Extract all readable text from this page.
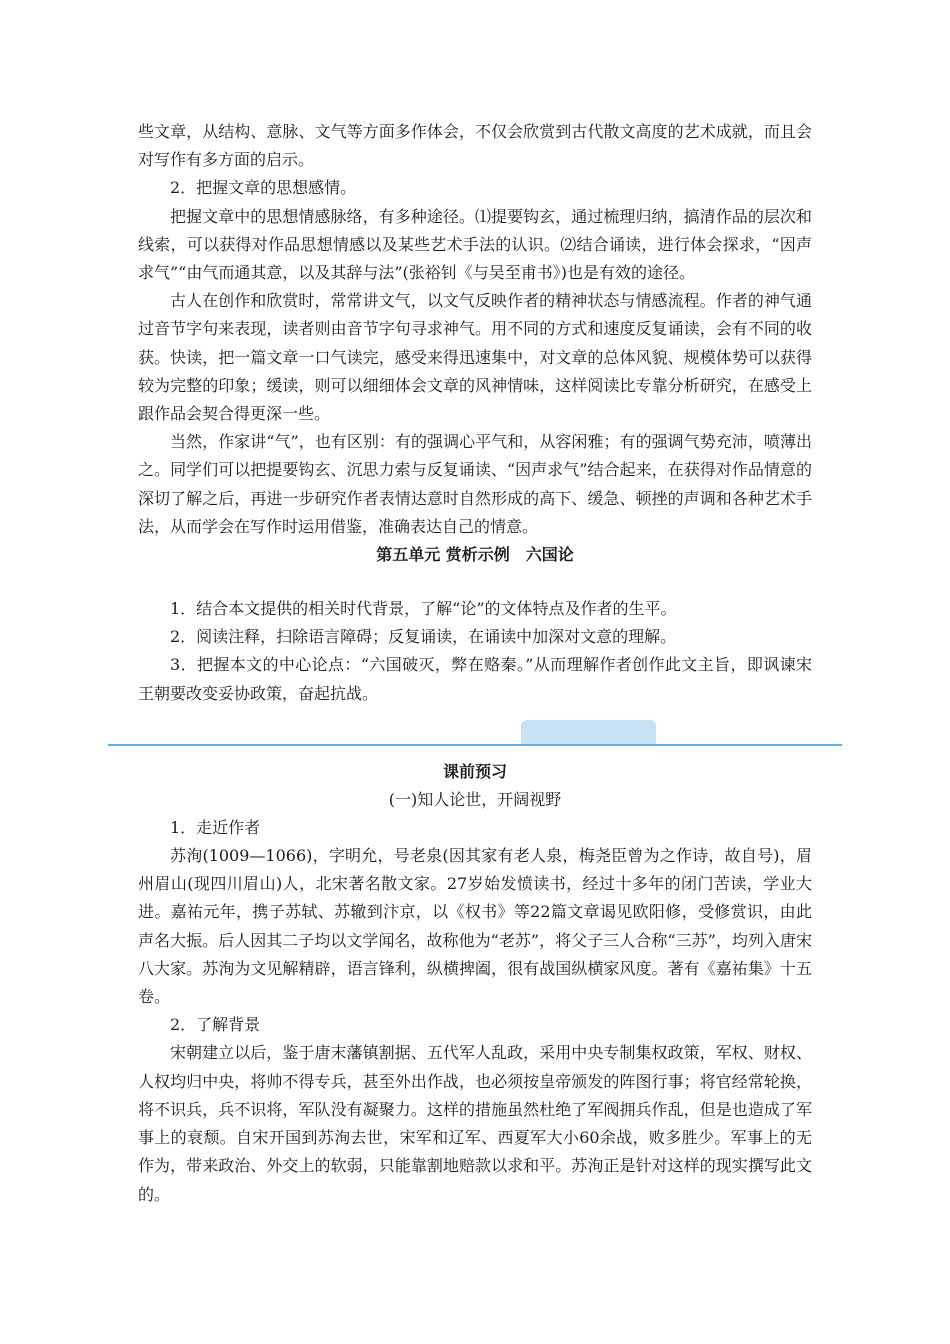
些文章，从结构、意脉、文气等方面多作体会，不仅会欣赏到古代散文高度的艺术成就，而且会对写作有多方面的启示。

2．把握文章的思想感情。

把握文章中的思想情感脉络，有多种途径。⑴提要钩玄，通过梳理归纳，搞清作品的层次和线索，可以获得对作品思想情感以及某些艺术手法的认识。⑵结合诵读，进行体会探求，“因声求气”“由气而通其意，以及其辞与法”(张裕钊《与吴至甫书》)也是有效的途径。

古人在创作和欣赏时，常常讲文气，以文气反映作者的精神状态与情感流程。作者的神气通过音节字句来表现，读者则由音节字句寻求神气。用不同的方式和速度反复诵读，会有不同的收获。快读，把一篇文章一口气读完，感受来得迅速集中，对文章的总体风貌、规模体势可以获得较为完整的印象；缓读，则可以细细体会文章的风神情味，这样阅读比专靠分析研究，在感受上跟作品会契合得更深一些。

当然，作家讲“气”，也有区别：有的强调心平气和，从容闲雅；有的强调气势充沛，喷薄出之。同学们可以把提要钩玄、沉思力索与反复诵读、“因声求气”结合起来，在获得对作品情意的深切了解之后，再进一步研究作者表情达意时自然形成的高下、缓急、顿挫的声调和各种艺术手法，从而学会在写作时运用借鉴，准确表达自己的情意。

第五单元 赏析示例　六国论

1．结合本文提供的相关时代背景，了解“论”的文体特点及作者的生平。

2．阅读注释，扫除语言障碍；反复诵读，在诵读中加深对文意的理解。

3．把握本文的中心论点：“六国破灭，弊在赂秦。”从而理解作者创作此文主旨，即讽谏宋王朝要改变妥协政策，奋起抗战。

课前预习
(一)知人论世，开阔视野

1．走近作者

苏洵(1009—1066)，字明允，号老泉(因其家有老人泉，梅尧臣曾为之作诗，故自号)，眉州眉山(现四川眉山)人，北宋著名散文家。27岁始发愤读书，经过十多年的闭门苦读，学业大进。嘉祐元年，携子苏轼、苏辙到汴京，以《权书》等22篇文章谒见欧阳修，受修赏识，由此声名大振。后人因其二子均以文学闻名，故称他为“老苏”，将父子三人合称“三苏”，均列入唐宋八大家。苏洵为文见解精辟，语言锋利，纵横捭阖，很有战国纵横家风度。著有《嘉祐集》十五卷。

2．了解背景

宋朝建立以后，鉴于唐末藩镇割据、五代军人乱政，采用中央专制集权政策，军权、财权、人权均归中央，将帅不得专兵，甚至外出作战，也必须按皇帝颁发的阵图行事；将官经常轮换，将不识兵，兵不识将，军队没有凝聚力。这样的措施虽然杜绝了军阀拥兵作乱，但是也造成了军事上的衰颓。自宋开国到苏洵去世，宋军和辽军、西夏军大小60余战，败多胜少。军事上的无作为，带来政治、外交上的软弱，只能靠割地赔款以求和平。苏洵正是针对这样的现实撰写此文的。
